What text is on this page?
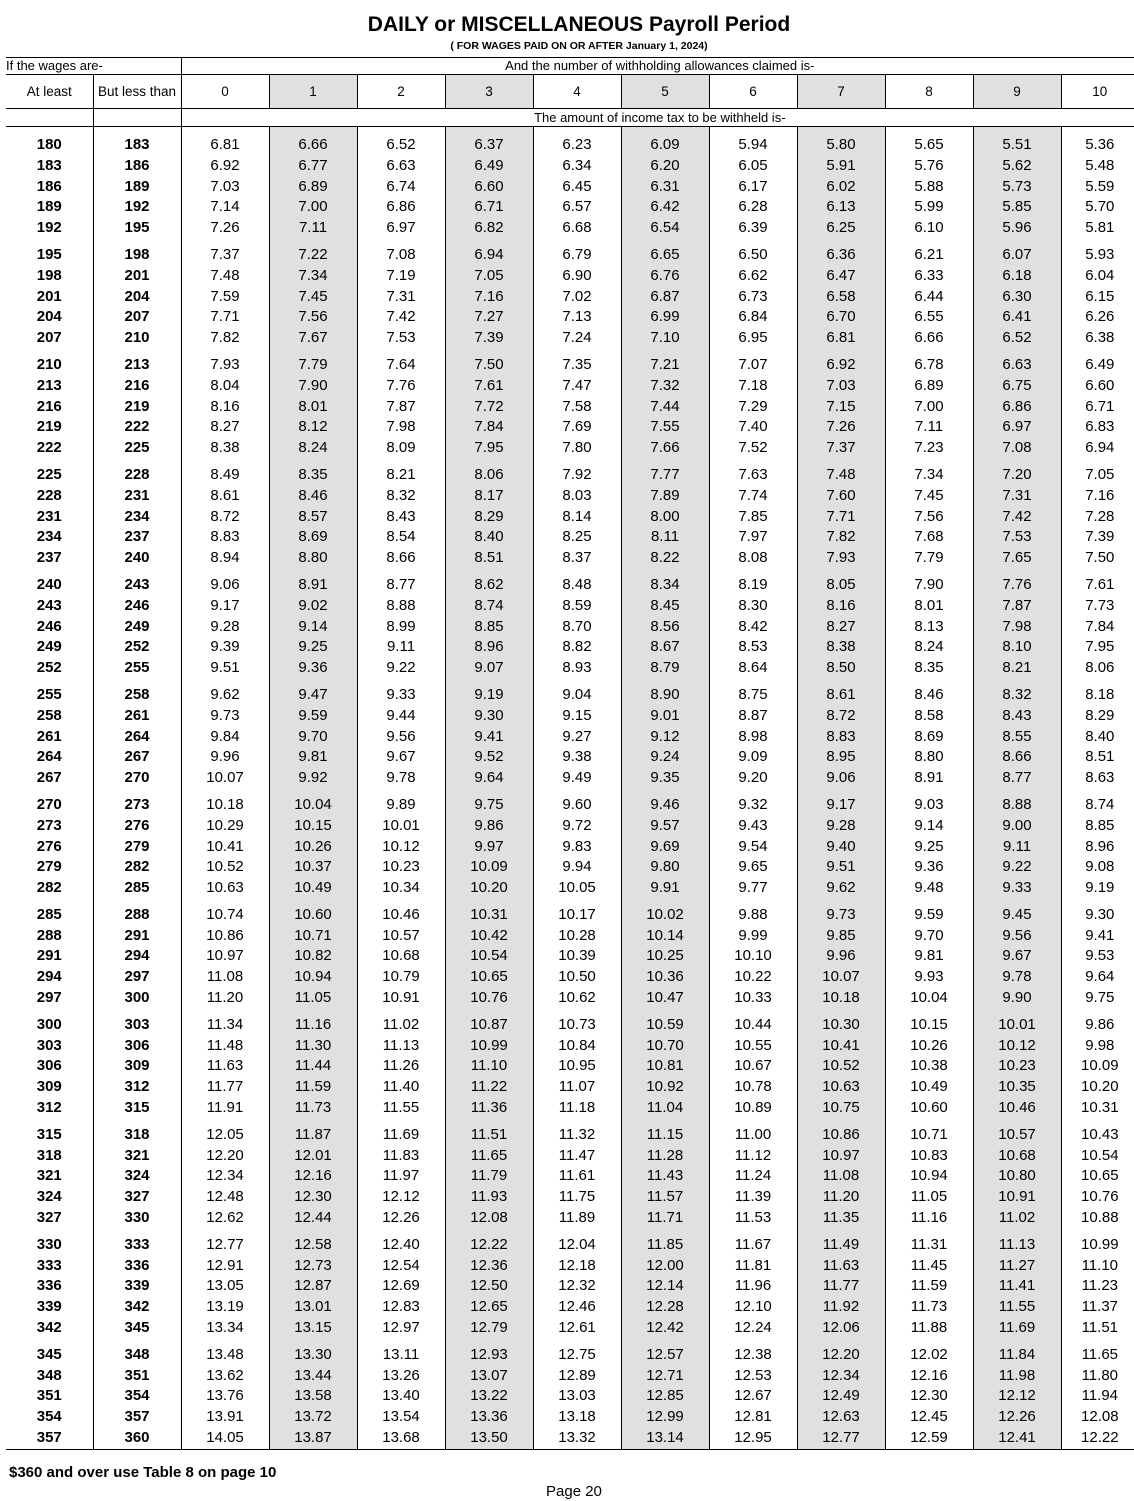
DAILY or MISCELLANEOUS Payroll Period
( FOR WAGES PAID ON OR AFTER January 1, 2024)
If the wages are-		And the number of withholding allowances claimed is-										
At least	But less than	0	1	2	3	4	5	6	7	8	9	10
		The amount of income tax to be withheld is-										

180	183	6.81	6.66	6.52	6.37	6.23	6.09	5.94	5.80	5.65	5.51	5.36
183	186	6.92	6.77	6.63	6.49	6.34	6.20	6.05	5.91	5.76	5.62	5.48
186	189	7.03	6.89	6.74	6.60	6.45	6.31	6.17	6.02	5.88	5.73	5.59
189	192	7.14	7.00	6.86	6.71	6.57	6.42	6.28	6.13	5.99	5.85	5.70
192	195	7.26	7.11	6.97	6.82	6.68	6.54	6.39	6.25	6.10	5.96	5.81

195	198	7.37	7.22	7.08	6.94	6.79	6.65	6.50	6.36	6.21	6.07	5.93
198	201	7.48	7.34	7.19	7.05	6.90	6.76	6.62	6.47	6.33	6.18	6.04
201	204	7.59	7.45	7.31	7.16	7.02	6.87	6.73	6.58	6.44	6.30	6.15
204	207	7.71	7.56	7.42	7.27	7.13	6.99	6.84	6.70	6.55	6.41	6.26
207	210	7.82	7.67	7.53	7.39	7.24	7.10	6.95	6.81	6.66	6.52	6.38

210	213	7.93	7.79	7.64	7.50	7.35	7.21	7.07	6.92	6.78	6.63	6.49
213	216	8.04	7.90	7.76	7.61	7.47	7.32	7.18	7.03	6.89	6.75	6.60
216	219	8.16	8.01	7.87	7.72	7.58	7.44	7.29	7.15	7.00	6.86	6.71
219	222	8.27	8.12	7.98	7.84	7.69	7.55	7.40	7.26	7.11	6.97	6.83
222	225	8.38	8.24	8.09	7.95	7.80	7.66	7.52	7.37	7.23	7.08	6.94

225	228	8.49	8.35	8.21	8.06	7.92	7.77	7.63	7.48	7.34	7.20	7.05
228	231	8.61	8.46	8.32	8.17	8.03	7.89	7.74	7.60	7.45	7.31	7.16
231	234	8.72	8.57	8.43	8.29	8.14	8.00	7.85	7.71	7.56	7.42	7.28
234	237	8.83	8.69	8.54	8.40	8.25	8.11	7.97	7.82	7.68	7.53	7.39
237	240	8.94	8.80	8.66	8.51	8.37	8.22	8.08	7.93	7.79	7.65	7.50

240	243	9.06	8.91	8.77	8.62	8.48	8.34	8.19	8.05	7.90	7.76	7.61
243	246	9.17	9.02	8.88	8.74	8.59	8.45	8.30	8.16	8.01	7.87	7.73
246	249	9.28	9.14	8.99	8.85	8.70	8.56	8.42	8.27	8.13	7.98	7.84
249	252	9.39	9.25	9.11	8.96	8.82	8.67	8.53	8.38	8.24	8.10	7.95
252	255	9.51	9.36	9.22	9.07	8.93	8.79	8.64	8.50	8.35	8.21	8.06

255	258	9.62	9.47	9.33	9.19	9.04	8.90	8.75	8.61	8.46	8.32	8.18
258	261	9.73	9.59	9.44	9.30	9.15	9.01	8.87	8.72	8.58	8.43	8.29
261	264	9.84	9.70	9.56	9.41	9.27	9.12	8.98	8.83	8.69	8.55	8.40
264	267	9.96	9.81	9.67	9.52	9.38	9.24	9.09	8.95	8.80	8.66	8.51
267	270	10.07	9.92	9.78	9.64	9.49	9.35	9.20	9.06	8.91	8.77	8.63

270	273	10.18	10.04	9.89	9.75	9.60	9.46	9.32	9.17	9.03	8.88	8.74
273	276	10.29	10.15	10.01	9.86	9.72	9.57	9.43	9.28	9.14	9.00	8.85
276	279	10.41	10.26	10.12	9.97	9.83	9.69	9.54	9.40	9.25	9.11	8.96
279	282	10.52	10.37	10.23	10.09	9.94	9.80	9.65	9.51	9.36	9.22	9.08
282	285	10.63	10.49	10.34	10.20	10.05	9.91	9.77	9.62	9.48	9.33	9.19

285	288	10.74	10.60	10.46	10.31	10.17	10.02	9.88	9.73	9.59	9.45	9.30
288	291	10.86	10.71	10.57	10.42	10.28	10.14	9.99	9.85	9.70	9.56	9.41
291	294	10.97	10.82	10.68	10.54	10.39	10.25	10.10	9.96	9.81	9.67	9.53
294	297	11.08	10.94	10.79	10.65	10.50	10.36	10.22	10.07	9.93	9.78	9.64
297	300	11.20	11.05	10.91	10.76	10.62	10.47	10.33	10.18	10.04	9.90	9.75

300	303	11.34	11.16	11.02	10.87	10.73	10.59	10.44	10.30	10.15	10.01	9.86
303	306	11.48	11.30	11.13	10.99	10.84	10.70	10.55	10.41	10.26	10.12	9.98
306	309	11.63	11.44	11.26	11.10	10.95	10.81	10.67	10.52	10.38	10.23	10.09
309	312	11.77	11.59	11.40	11.22	11.07	10.92	10.78	10.63	10.49	10.35	10.20
312	315	11.91	11.73	11.55	11.36	11.18	11.04	10.89	10.75	10.60	10.46	10.31

315	318	12.05	11.87	11.69	11.51	11.32	11.15	11.00	10.86	10.71	10.57	10.43
318	321	12.20	12.01	11.83	11.65	11.47	11.28	11.12	10.97	10.83	10.68	10.54
321	324	12.34	12.16	11.97	11.79	11.61	11.43	11.24	11.08	10.94	10.80	10.65
324	327	12.48	12.30	12.12	11.93	11.75	11.57	11.39	11.20	11.05	10.91	10.76
327	330	12.62	12.44	12.26	12.08	11.89	11.71	11.53	11.35	11.16	11.02	10.88

330	333	12.77	12.58	12.40	12.22	12.04	11.85	11.67	11.49	11.31	11.13	10.99
333	336	12.91	12.73	12.54	12.36	12.18	12.00	11.81	11.63	11.45	11.27	11.10
336	339	13.05	12.87	12.69	12.50	12.32	12.14	11.96	11.77	11.59	11.41	11.23
339	342	13.19	13.01	12.83	12.65	12.46	12.28	12.10	11.92	11.73	11.55	11.37
342	345	13.34	13.15	12.97	12.79	12.61	12.42	12.24	12.06	11.88	11.69	11.51

345	348	13.48	13.30	13.11	12.93	12.75	12.57	12.38	12.20	12.02	11.84	11.65
348	351	13.62	13.44	13.26	13.07	12.89	12.71	12.53	12.34	12.16	11.98	11.80
351	354	13.76	13.58	13.40	13.22	13.03	12.85	12.67	12.49	12.30	12.12	11.94
354	357	13.91	13.72	13.54	13.36	13.18	12.99	12.81	12.63	12.45	12.26	12.08
357	360	14.05	13.87	13.68	13.50	13.32	13.14	12.95	12.77	12.59	12.41	12.22
$360 and over use Table 8 on page 10
Page 20
